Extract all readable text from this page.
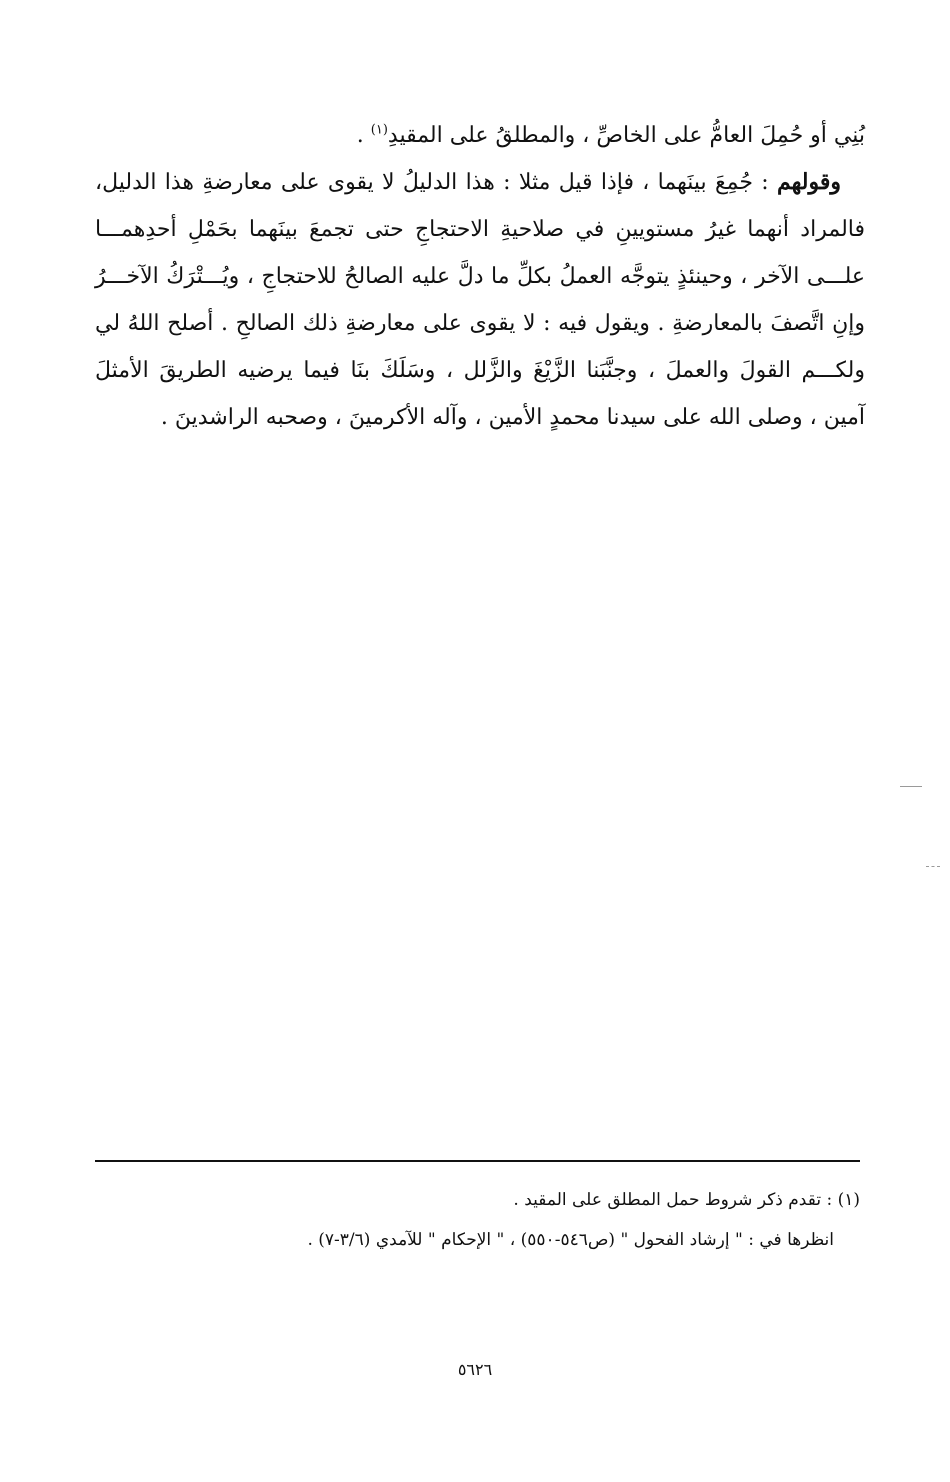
بُنِي أو حُمِلَ العامُّ على الخاصِّ ، والمطلقُ على المقيدِ$^{(١)}$ .

وقولهم : جُمِعَ بينَهما ، فإذا قيل مثلا : هذا الدليلُ لا يقوى على معارضةِ هذا الدليل، فالمراد أنهما غيرُ مستويينِ في صلاحيةِ الاحتجاجِ حتى تجمعَ بينَهما بحَمْلِ أحدِهمـــا علـــى الآخر ، وحينئذٍ يتوجَّه العملُ بكلِّ ما دلَّ عليه الصالحُ للاحتجاجِ ، ويُـــتْرَكُ الآخـــرُ وإنِ اتَّصفَ بالمعارضةِ . ويقول فيه : لا يقوى على معارضةِ ذلك الصالحِ . أصلح اللهُ لي ولكـــم القولَ والعملَ ، وجنَّبَنا الزَّيْغَ والزَّلل ، وسَلَكَ بنَا فيما يرضيه الطريقَ الأمثلَ آمين ، وصلى الله على سيدنا محمدٍ الأمين ، وآله الأكرمينَ ، وصحبه الراشدينَ .

(١) : تقدم ذكر شروط حمل المطلق على المقيد .

انظرها في : " إرشاد الفحول " (ص٥٤٦-٥٥٠) ، " الإحكام " للآمدي (٣/٦-٧) .

٥٦٢٦
